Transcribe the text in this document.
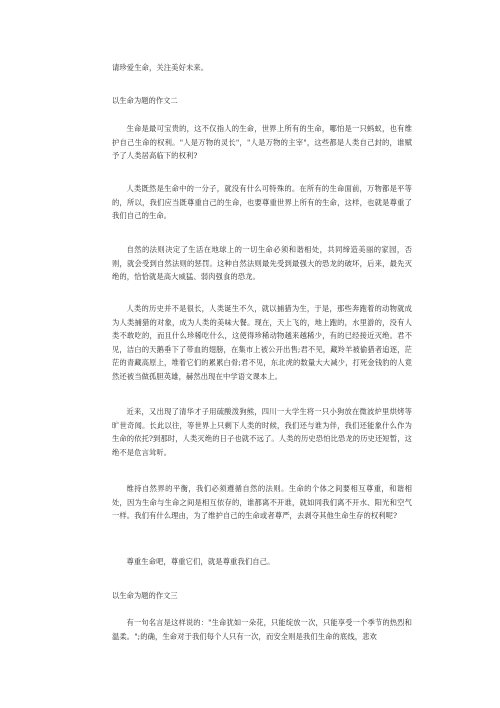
请珍爱生命，关注美好未来。

以生命为题的作文二

生命是最可宝贵的，这不仅指人的生命，世界上所有的生命，哪怕是一只蚂蚁，也有维护自己生命的权利。"人是万物的灵长"，"人是万物的主宰"，这些都是人类自己封的，谁赋予了人类居高临下的权利?

人类既然是生命中的一分子，就没有什么可特殊的。在所有的生命面前，万物都是平等的，所以，我们应当既尊重自己的生命，也要尊重世界上所有的生命，这样，也就是尊重了我们自己的生命。

自然的法则决定了生活在地球上的一切生命必须和谐相处，共同缔造美丽的家园，否则，就会受到自然法则的惩罚。这种自然法则最先受到最强大的恐龙的破坏，后来，最先灭绝的，恰恰就是高大威猛、弱肉强食的恐龙。

人类的历史并不是很长，人类诞生不久，就以捕猎为生，于是，那些奔跑着的动物就成为人类捕猎的对象，成为人类的美味大餐。现在，天上飞的，地上跑的，水里游的，没有人类不敢吃的，而且什么珍稀吃什么，这使得珍稀动物越来越稀少，有的已经接近灭绝。君不见，洁白的天鹅垂下了带血的翅膀，在集市上被公开出售;君不见，藏羚羊被偷猎者追逐，茫茫的青藏高原上，堆着它们的累累白骨;君不见，东北虎的数量大大减少，打死金钱豹的人竟然还被当做孤胆英雄，赫然出现在中学语文课本上。

近来，又出现了清华才子用硫酸泼狗熊，四川一大学生将一只小狗放在微波炉里烘烤等旷世奇闻。长此以往，等世界上只剩下人类的时候，我们还与谁为伴，我们还能象什么作为生命的依托?到那时，人类灭绝的日子也就不远了。人类的历史恐怕比恐龙的历史还短暂，这绝不是危言耸听。

维持自然界的平衡，我们必须遵循自然的法则。生命的个体之间要相互尊重，和谐相处，因为生命与生命之间是相互依存的，谁都离不开谁，就如同我们离不开水、阳光和空气一样。我们有什么理由，为了维护自己的生命或者尊严，去剥夺其他生命生存的权利呢?

尊重生命吧，尊重它们，就是尊重我们自己。

以生命为题的作文三

有一句名言是这样说的："生命犹如一朵花，只能绽放一次，只能享受一个季节的热烈和温柔。";的确，生命对于我们每个人只有一次，而安全则是我们生命的底线，悲欢
